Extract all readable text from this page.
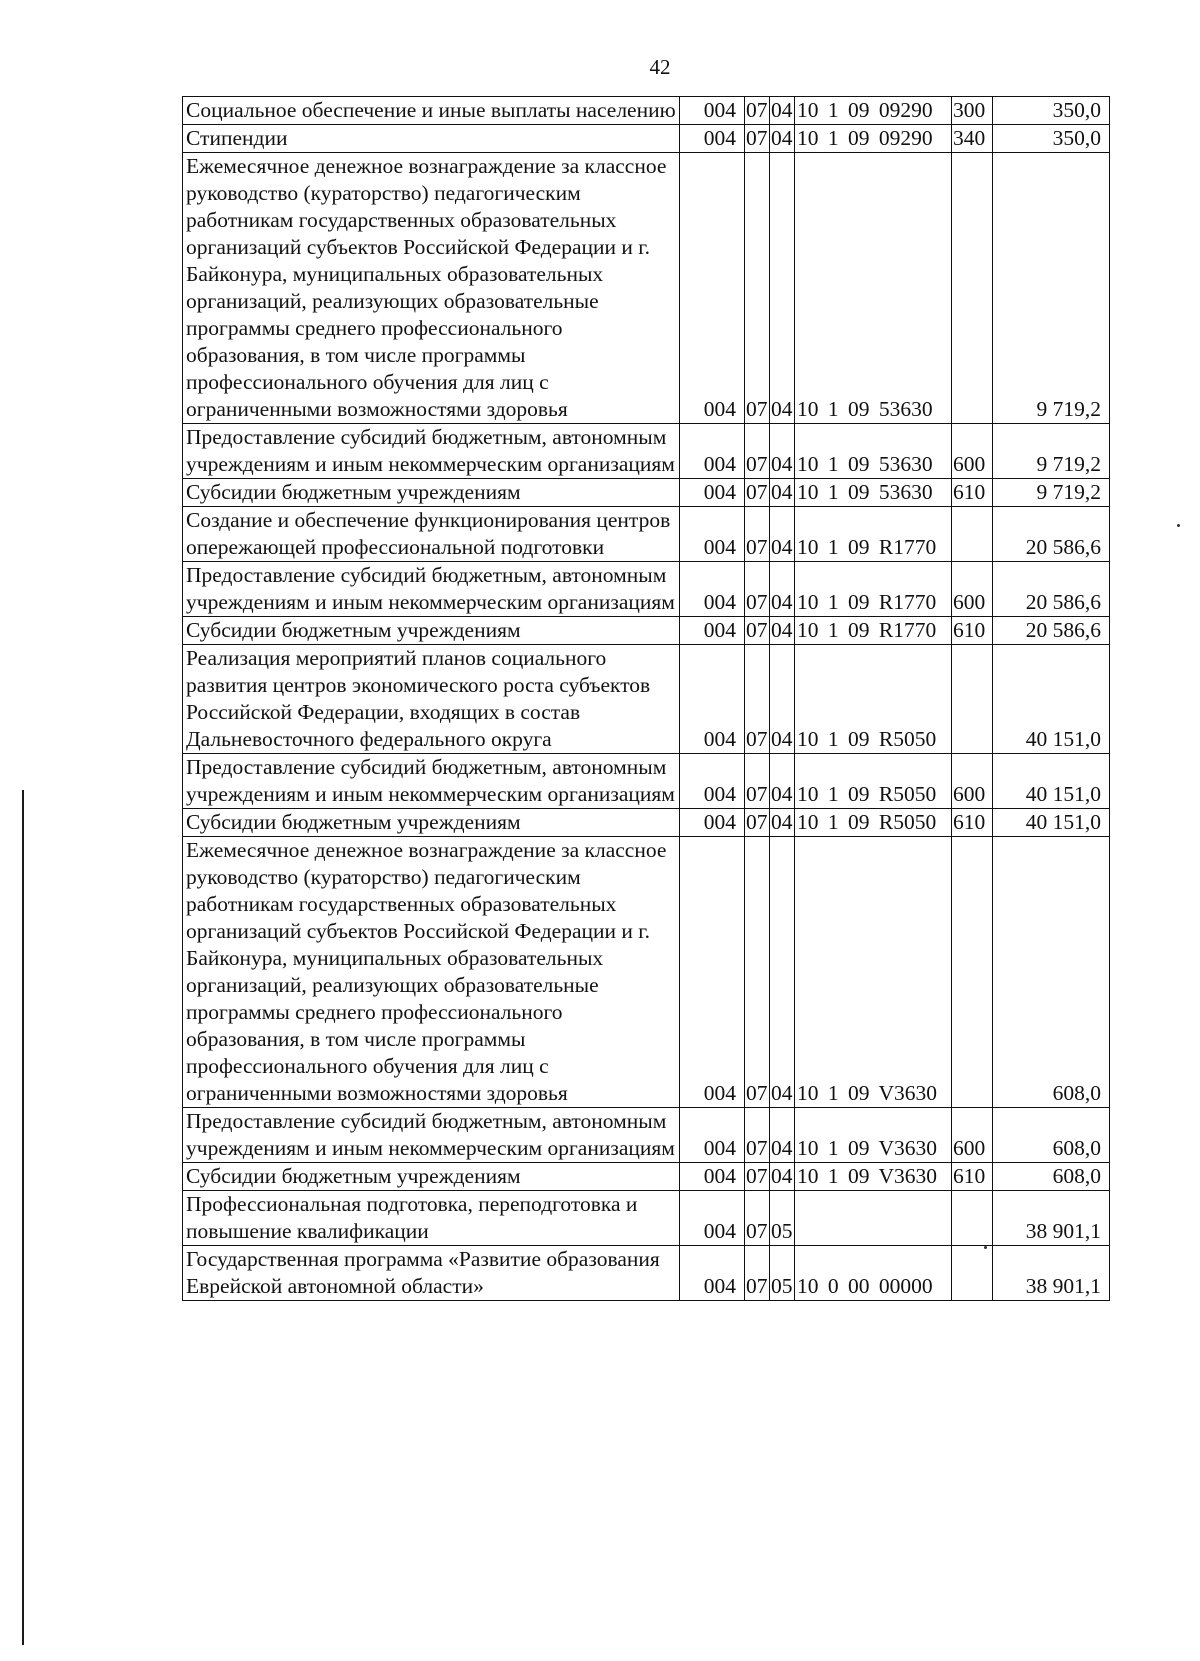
42
Социальное обеспечение и иные выплаты населению	004	07	04	10 1 09 09290	300	350,0
Стипендии	004	07	04	10 1 09 09290	340	350,0
Ежемесячное денежное вознаграждение за классное руководство (кураторство) педагогическим работникам государственных образовательных организаций субъектов Российской Федерации и г. Байконура, муниципальных образовательных организаций, реализующих образовательные программы среднего профессионального образования, в том числе программы профессионального обучения для лиц с ограниченными возможностями здоровья	004	07	04	10 1 09 53630		9 719,2
Предоставление субсидий бюджетным, автономным учреждениям и иным некоммерческим организациям	004	07	04	10 1 09 53630	600	9 719,2
Субсидии бюджетным учреждениям	004	07	04	10 1 09 53630	610	9 719,2
Создание и обеспечение функционирования центров опережающей профессиональной подготовки	004	07	04	10 1 09 R1770		20 586,6
Предоставление субсидий бюджетным, автономным учреждениям и иным некоммерческим организациям	004	07	04	10 1 09 R1770	600	20 586,6
Субсидии бюджетным учреждениям	004	07	04	10 1 09 R1770	610	20 586,6
Реализация мероприятий планов социального развития центров экономического роста субъектов Российской Федерации, входящих в состав Дальневосточного федерального округа	004	07	04	10 1 09 R5050		40 151,0
Предоставление субсидий бюджетным, автономным учреждениям и иным некоммерческим организациям	004	07	04	10 1 09 R5050	600	40 151,0
Субсидии бюджетным учреждениям	004	07	04	10 1 09 R5050	610	40 151,0
Ежемесячное денежное вознаграждение за классное руководство (кураторство) педагогическим работникам государственных образовательных организаций субъектов Российской Федерации и г. Байконура, муниципальных образовательных организаций, реализующих образовательные программы среднего профессионального образования, в том числе программы профессионального обучения для лиц с ограниченными возможностями здоровья	004	07	04	10 1 09 V3630		608,0
Предоставление субсидий бюджетным, автономным учреждениям и иным некоммерческим организациям	004	07	04	10 1 09 V3630	600	608,0
Субсидии бюджетным учреждениям	004	07	04	10 1 09 V3630	610	608,0
Профессиональная подготовка, переподготовка и повышение квалификации	004	07	05			38 901,1
Государственная программа «Развитие образования Еврейской автономной области»	004	07	05	10 0 00 00000		38 901,1
